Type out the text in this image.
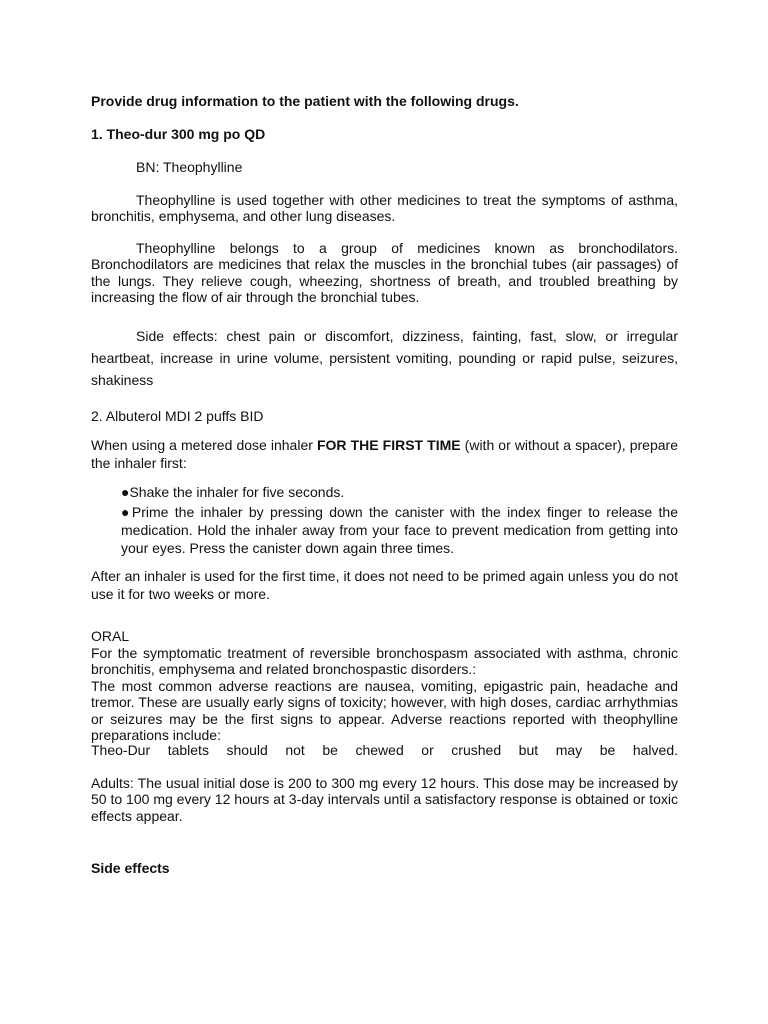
Provide drug information to the patient with the following drugs.

1. Theo-dur 300 mg po QD

BN: Theophylline

Theophylline is used together with other medicines to treat the symptoms of asthma, bronchitis, emphysema, and other lung diseases.

Theophylline belongs to a group of medicines known as bronchodilators. Bronchodilators are medicines that relax the muscles in the bronchial tubes (air passages) of the lungs. They relieve cough, wheezing, shortness of breath, and troubled breathing by increasing the flow of air through the bronchial tubes.

Side effects: chest pain or discomfort, dizziness, fainting, fast, slow, or irregular heartbeat, increase in urine volume, persistent vomiting, pounding or rapid pulse, seizures, shakiness

2. Albuterol MDI 2 puffs BID

When using a metered dose inhaler FOR THE FIRST TIME (with or without a spacer), prepare the inhaler first:

●Shake the inhaler for five seconds.

●Prime the inhaler by pressing down the canister with the index finger to release the medication. Hold the inhaler away from your face to prevent medication from getting into your eyes. Press the canister down again three times.

After an inhaler is used for the first time, it does not need to be primed again unless you do not use it for two weeks or more.

ORAL

For the symptomatic treatment of reversible bronchospasm associated with asthma, chronic bronchitis, emphysema and related bronchospastic disorders.:

The most common adverse reactions are nausea, vomiting, epigastric pain, headache and tremor. These are usually early signs of toxicity; however, with high doses, cardiac arrhythmias or seizures may be the first signs to appear. Adverse reactions reported with theophylline preparations include:

Theo-Dur tablets should not be chewed or crushed but may be halved.

Adults: The usual initial dose is 200 to 300 mg every 12 hours. This dose may be increased by 50 to 100 mg every 12 hours at 3-day intervals until a satisfactory response is obtained or toxic effects appear.

Side effects
